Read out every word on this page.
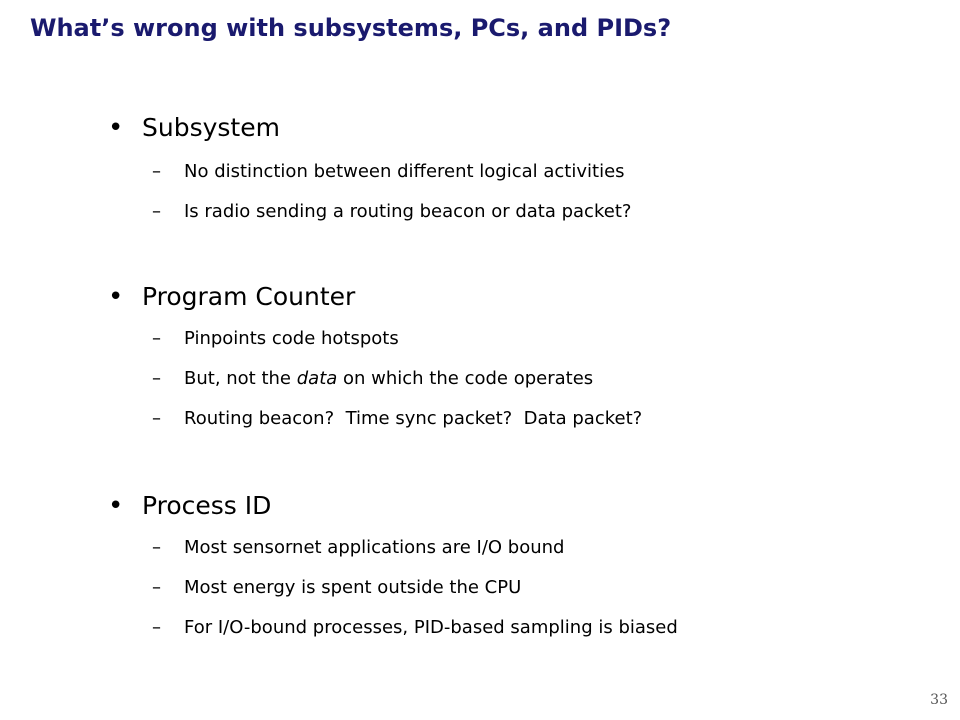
What’s wrong with subsystems, PCs, and PIDs?
• Subsystem
–	No distinction between different logical activities
–	Is radio sending a routing beacon or data packet?
• Program Counter
–	Pinpoints code hotspots
–	But, not the data on which the code operates
–	Routing beacon?  Time sync packet?  Data packet?
• Process ID
–	Most sensornet applications are I/O bound
–	Most energy is spent outside the CPU
–	For I/O-bound processes, PID-based sampling is biased
33
